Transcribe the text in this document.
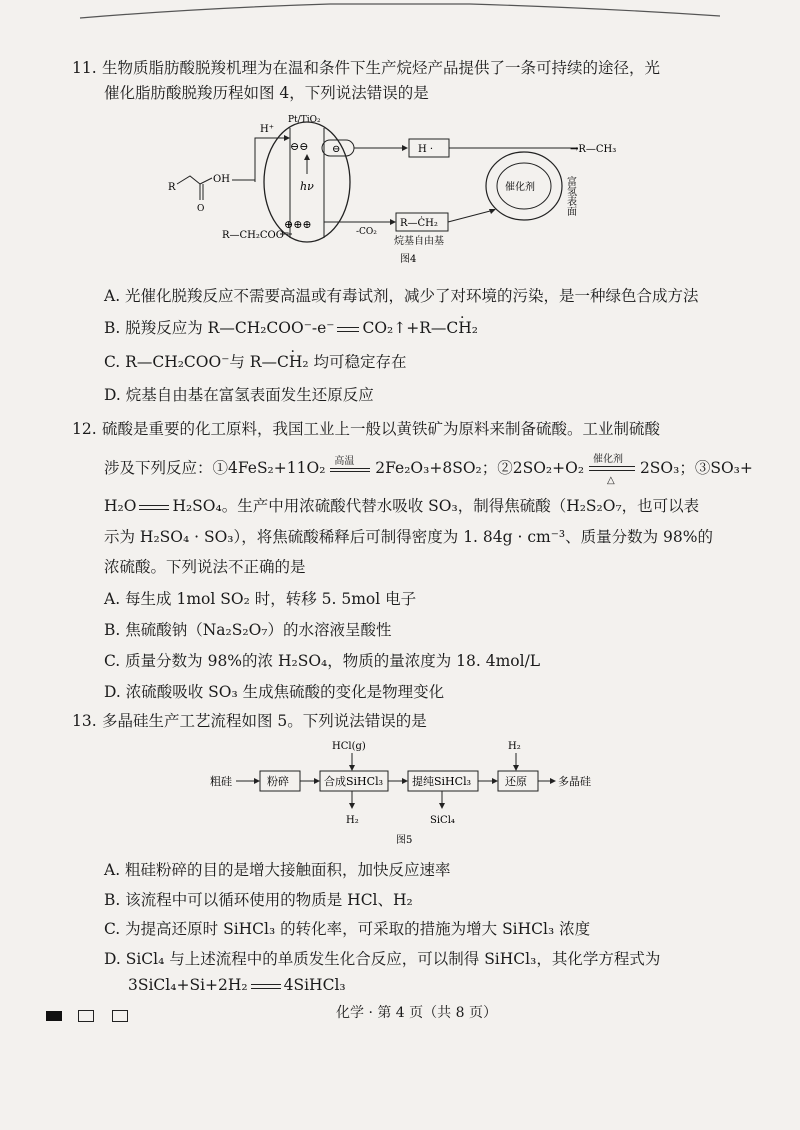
11. 生物质脂肪酸脱羧机理为在温和条件下生产烷烃产品提供了一条可持续的途径，光
催化脂肪酸脱羧历程如图 4，下列说法错误的是
Pt/TiO₂
⊖⊖
hν
⊕⊕⊕
H⁺
R
OH
O
⊖	H ·	→R—CH₃
催化剂	富氢表面
R—CH₂COO⁻	-CO₂
R—ĊH₂
烷基自由基
图4
A. 光催化脱羧反应不需要高温或有毒试剂，减少了对环境的污染，是一种绿色合成方法
B. 脱羧反应为 R—CH₂COO⁻-e⁻ CO₂↑+R—· CH₂
C. R—CH₂COO⁻与 R—· CH₂ 均可稳定存在
D. 烷基自由基在富氢表面发生还原反应
12. 硫酸是重要的化工原料，我国工业上一般以黄铁矿为原料来制备硫酸。工业制硫酸
涉及下列反应：①4FeS₂+11O₂ 高温 2Fe₂O₃+8SO₂；②2SO₂+O₂ 催化剂
△
2SO₃；③SO₃+
H₂O H₂SO₄。生产中用浓硫酸代替水吸收 SO₃，制得焦硫酸（H₂S₂O₇，也可以表
示为 H₂SO₄ · SO₃），将焦硫酸稀释后可制得密度为 1. 84g · cm⁻³、质量分数为 98%的
浓硫酸。下列说法不正确的是
A. 每生成 1mol SO₂ 时，转移 5. 5mol 电子
B. 焦硫酸钠（Na₂S₂O₇）的水溶液呈酸性
C. 质量分数为 98%的浓 H₂SO₄，物质的量浓度为 18. 4mol/L
D. 浓硫酸吸收 SO₃ 生成焦硫酸的变化是物理变化
13. 多晶硅生产工艺流程如图 5。下列说法错误的是
粗硅	粉碎
HCl(g)
合成SiHCl₃
H₂
提纯SiHCl₃
SiCl₄
H₂
还原	多晶硅
图5
A. 粗硅粉碎的目的是增大接触面积，加快反应速率
B. 该流程中可以循环使用的物质是 HCl、H₂
C. 为提高还原时 SiHCl₃ 的转化率，可采取的措施为增大 SiHCl₃ 浓度
D. SiCl₄ 与上述流程中的单质发生化合反应，可以制得 SiHCl₃，其化学方程式为
3SiCl₄+Si+2H₂ 4SiHCl₃
化学 · 第 4 页（共 8 页）
